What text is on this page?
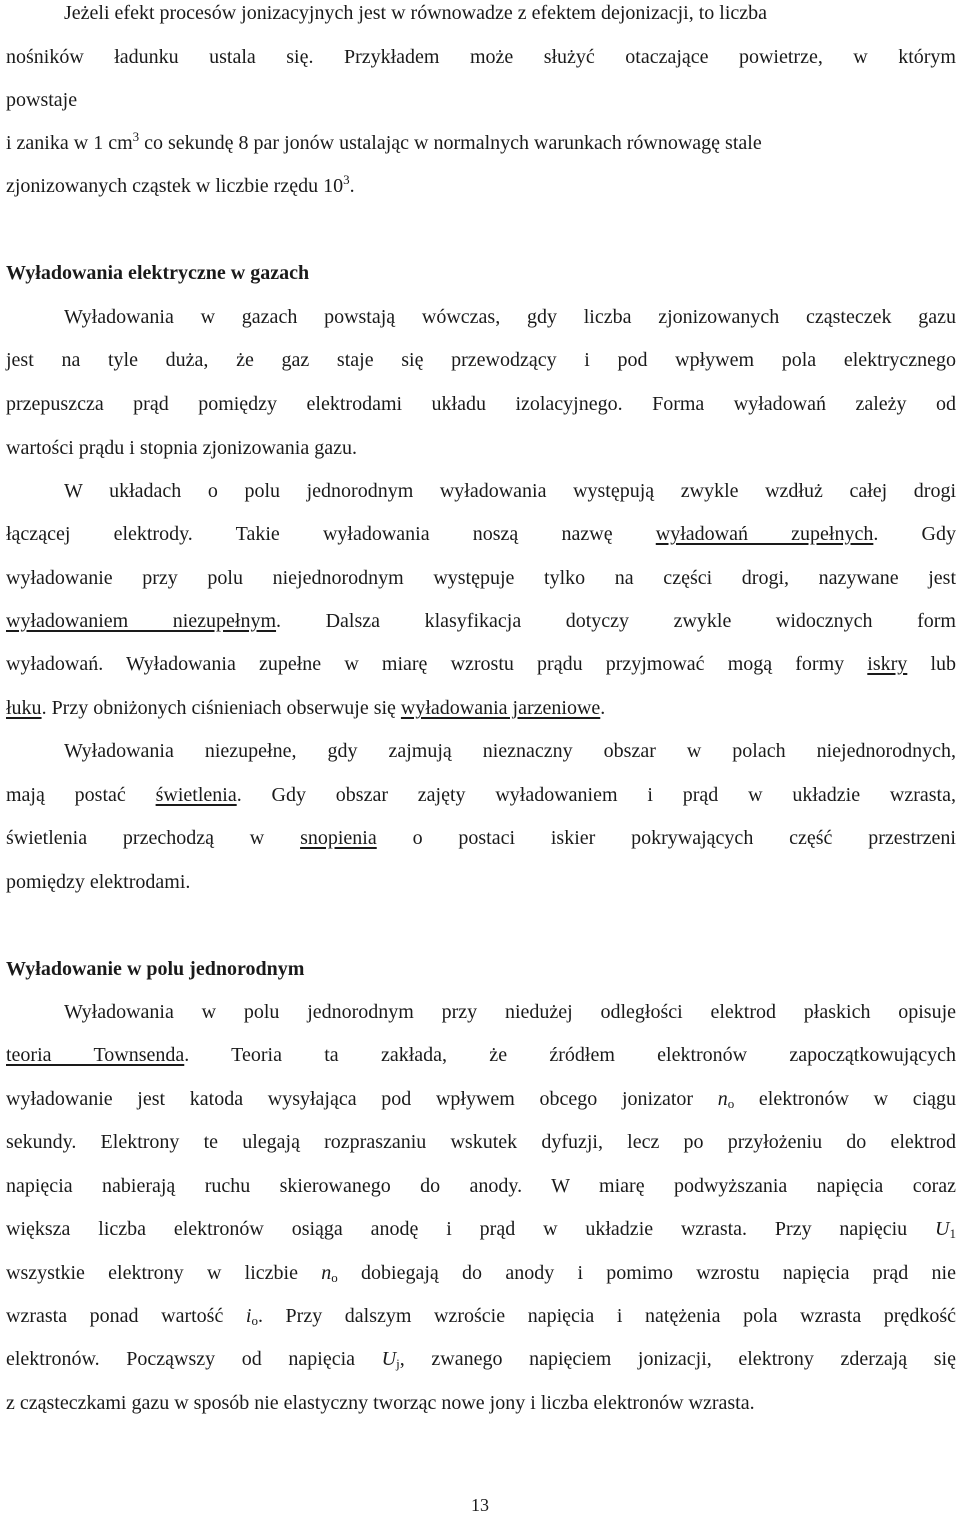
Jeżeli efekt procesów jonizacyjnych jest w równowadze z efektem dejonizacji, to liczba
nośników ładunku ustala się. Przykładem może służyć otaczające powietrze, w którym
powstaje
i zanika w 1 $cm^3$ co sekundę 8 par jonów ustalając w normalnych warunkach równowagę stale
zjonizowanych cząstek w liczbie rzędu $10^3$.
Wyładowania elektryczne w gazach
Wyładowania w gazach powstają wówczas, gdy liczba zjonizowanych cząsteczek gazu
jest na tyle duża, że gaz staje się przewodzący i pod wpływem pola elektrycznego
przepuszcza prąd pomiędzy elektrodami układu izolacyjnego. Forma wyładowań zależy od
wartości prądu i stopnia zjonizowania gazu.
W układach o polu jednorodnym wyładowania występują zwykle wzdłuż całej drogi
łączącej elektrody. Takie wyładowania noszą nazwę wyładowań zupełnych. Gdy
wyładowanie przy polu niejednorodnym występuje tylko na części drogi, nazywane jest
wyładowaniem niezupełnym. Dalsza klasyfikacja dotyczy zwykle widocznych form
wyładowań. Wyładowania zupełne w miarę wzrostu prądu przyjmować mogą formy iskry lub
łuku. Przy obniżonych ciśnieniach obserwuje się wyładowania jarzeniowe.
Wyładowania niezupełne, gdy zajmują nieznaczny obszar w polach niejednorodnych,
mają postać świetlenia. Gdy obszar zajęty wyładowaniem i prąd w układzie wzrasta,
świetlenia przechodzą w snopienia o postaci iskier pokrywających część przestrzeni
pomiędzy elektrodami.
Wyładowanie w polu jednorodnym
Wyładowania w polu jednorodnym przy niedużej odległości elektrod płaskich opisuje
teoria Townsenda. Teoria ta zakłada, że źródłem elektronów zapoczątkowujących
wyładowanie jest katoda wysyłająca pod wpływem obcego jonizator $n_o$ elektronów w ciągu
sekundy. Elektrony te ulegają rozpraszaniu wskutek dyfuzji, lecz po przyłożeniu do elektrod
napięcia nabierają ruchu skierowanego do anody. W miarę podwyższania napięcia coraz
większa liczba elektronów osiąga anodę i prąd w układzie wzrasta. Przy napięciu $U_1$
wszystkie elektrony w liczbie $n_o$ dobiegają do anody i pomimo wzrostu napięcia prąd nie
wzrasta ponad wartość $i_o$. Przy dalszym wzroście napięcia i natężenia pola wzrasta prędkość
elektronów. Począwszy od napięcia $U_j$, zwanego napięciem jonizacji, elektrony zderzają się
z cząsteczkami gazu w sposób nie elastyczny tworząc nowe jony i liczba elektronów wzrasta.
13
